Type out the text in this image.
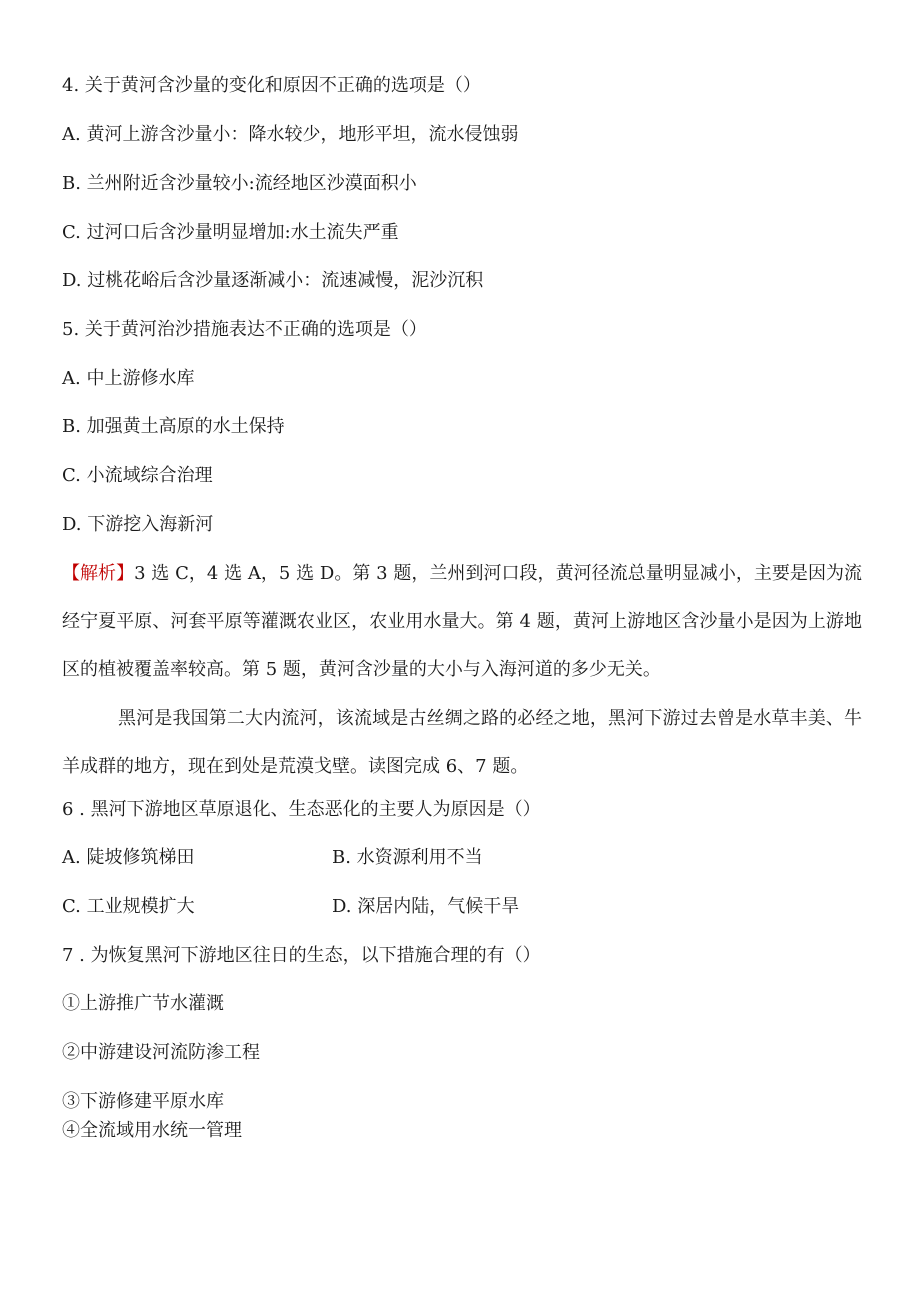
4. 关于黄河含沙量的变化和原因不正确的选项是（）
A. 黄河上游含沙量小：降水较少，地形平坦，流水侵蚀弱
B. 兰州附近含沙量较小:流经地区沙漠面积小
C. 过河口后含沙量明显增加:水土流失严重
D. 过桃花峪后含沙量逐渐减小：流速减慢，泥沙沉积
5. 关于黄河治沙措施表达不正确的选项是（）
A. 中上游修水库
B. 加强黄土高原的水土保持
C. 小流域综合治理
D. 下游挖入海新河
【解析】3 选 C，4 选 A，5 选 D。第 3 题，兰州到河口段，黄河径流总量明显减小，主要是因为流经宁夏平原、河套平原等灌溉农业区，农业用水量大。第 4 题，黄河上游地区含沙量小是因为上游地区的植被覆盖率较高。第 5 题，黄河含沙量的大小与入海河道的多少无关。
黑河是我国第二大内流河，该流域是古丝绸之路的必经之地，黑河下游过去曾是水草丰美、牛羊成群的地方，现在到处是荒漠戈壁。读图完成 6、7 题。
6 . 黑河下游地区草原退化、生态恶化的主要人为原因是（）
A. 陡坡修筑梯田	B. 水资源利用不当
C. 工业规模扩大	D. 深居内陆，气候干旱
7 . 为恢复黑河下游地区往日的生态，以下措施合理的有（）
①上游推广节水灌溉
②中游建设河流防渗工程
③下游修建平原水库
④全流域用水统一管理
